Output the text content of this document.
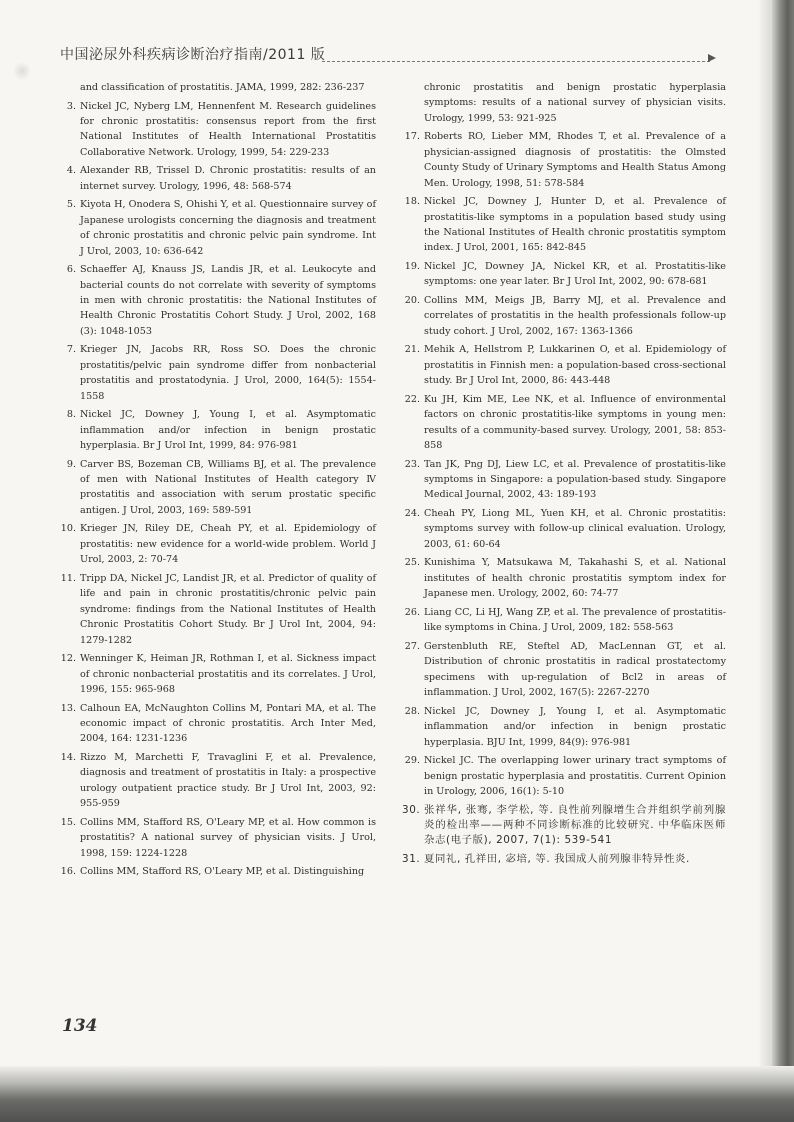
中国泌尿外科疾病诊断治疗指南/2011 版
and classification of prostatitis. JAMA, 1999, 282: 236-237
3. Nickel JC, Nyberg LM, Hennenfent M. Research guidelines for chronic prostatitis: consensus report from the first National Institutes of Health International Prostatitis Collaborative Network. Urology, 1999, 54: 229-233
4. Alexander RB, Trissel D. Chronic prostatitis: results of an internet survey. Urology, 1996, 48: 568-574
5. Kiyota H, Onodera S, Ohishi Y, et al. Questionnaire survey of Japanese urologists concerning the diagnosis and treatment of chronic prostatitis and chronic pelvic pain syndrome. Int J Urol, 2003, 10: 636-642
6. Schaeffer AJ, Knauss JS, Landis JR, et al. Leukocyte and bacterial counts do not correlate with severity of symptoms in men with chronic prostatitis: the National Institutes of Health Chronic Prostatitis Cohort Study. J Urol, 2002, 168 (3): 1048-1053
7. Krieger JN, Jacobs RR, Ross SO. Does the chronic prostatitis/pelvic pain syndrome differ from nonbacterial prostatitis and prostatodynia. J Urol, 2000, 164(5): 1554-1558
8. Nickel JC, Downey J, Young I, et al. Asymptomatic inflammation and/or infection in benign prostatic hyperplasia. Br J Urol Int, 1999, 84: 976-981
9. Carver BS, Bozeman CB, Williams BJ, et al. The prevalence of men with National Institutes of Health category Ⅳ prostatitis and association with serum prostatic specific antigen. J Urol, 2003, 169: 589-591
10. Krieger JN, Riley DE, Cheah PY, et al. Epidemiology of prostatitis: new evidence for a world-wide problem. World J Urol, 2003, 2: 70-74
11. Tripp DA, Nickel JC, Landist JR, et al. Predictor of quality of life and pain in chronic prostatitis/chronic pelvic pain syndrome: findings from the National Institutes of Health Chronic Prostatitis Cohort Study. Br J Urol Int, 2004, 94: 1279-1282
12. Wenninger K, Heiman JR, Rothman I, et al. Sickness impact of chronic nonbacterial prostatitis and its correlates. J Urol, 1996, 155: 965-968
13. Calhoun EA, McNaughton Collins M, Pontari MA, et al. The economic impact of chronic prostatitis. Arch Inter Med, 2004, 164: 1231-1236
14. Rizzo M, Marchetti F, Travaglini F, et al. Prevalence, diagnosis and treatment of prostatitis in Italy: a prospective urology outpatient practice study. Br J Urol Int, 2003, 92: 955-959
15. Collins MM, Stafford RS, O'Leary MP, et al. How common is prostatitis? A national survey of physician visits. J Urol, 1998, 159: 1224-1228
16. Collins MM, Stafford RS, O'Leary MP, et al. Distinguishing
chronic prostatitis and benign prostatic hyperplasia symptoms: results of a national survey of physician visits. Urology, 1999, 53: 921-925
17. Roberts RO, Lieber MM, Rhodes T, et al. Prevalence of a physician-assigned diagnosis of prostatitis: the Olmsted County Study of Urinary Symptoms and Health Status Among Men. Urology, 1998, 51: 578-584
18. Nickel JC, Downey J, Hunter D, et al. Prevalence of prostatitis-like symptoms in a population based study using the National Institutes of Health chronic prostatitis symptom index. J Urol, 2001, 165: 842-845
19. Nickel JC, Downey JA, Nickel KR, et al. Prostatitis-like symptoms: one year later. Br J Urol Int, 2002, 90: 678-681
20. Collins MM, Meigs JB, Barry MJ, et al. Prevalence and correlates of prostatitis in the health professionals follow-up study cohort. J Urol, 2002, 167: 1363-1366
21. Mehik A, Hellstrom P, Lukkarinen O, et al. Epidemiology of prostatitis in Finnish men: a population-based cross-sectional study. Br J Urol Int, 2000, 86: 443-448
22. Ku JH, Kim ME, Lee NK, et al. Influence of environmental factors on chronic prostatitis-like symptoms in young men: results of a community-based survey. Urology, 2001, 58: 853-858
23. Tan JK, Png DJ, Liew LC, et al. Prevalence of prostatitis-like symptoms in Singapore: a population-based study. Singapore Medical Journal, 2002, 43: 189-193
24. Cheah PY, Liong ML, Yuen KH, et al. Chronic prostatitis: symptoms survey with follow-up clinical evaluation. Urology, 2003, 61: 60-64
25. Kunishima Y, Matsukawa M, Takahashi S, et al. National institutes of health chronic prostatitis symptom index for Japanese men. Urology, 2002, 60: 74-77
26. Liang CC, Li HJ, Wang ZP, et al. The prevalence of prostatitis-like symptoms in China. J Urol, 2009, 182: 558-563
27. Gerstenbluth RE, Steftel AD, MacLennan GT, et al. Distribution of chronic prostatitis in radical prostatectomy specimens with up-regulation of Bcl2 in areas of inflammation. J Urol, 2002, 167(5): 2267-2270
28. Nickel JC, Downey J, Young I, et al. Asymptomatic inflammation and/or infection in benign prostatic hyperplasia. BJU Int, 1999, 84(9): 976-981
29. Nickel JC. The overlapping lower urinary tract symptoms of benign prostatic hyperplasia and prostatitis. Current Opinion in Urology, 2006, 16(1): 5-10
30. 张祥华, 张骞, 李学松, 等. 良性前列腺增生合并组织学前列腺炎的检出率——两种不同诊断标准的比较研究. 中华临床医师杂志(电子版), 2007, 7(1): 539-541
31. 夏同礼, 孔祥田, 宓培, 等. 我国成人前列腺非特异性炎.
134
